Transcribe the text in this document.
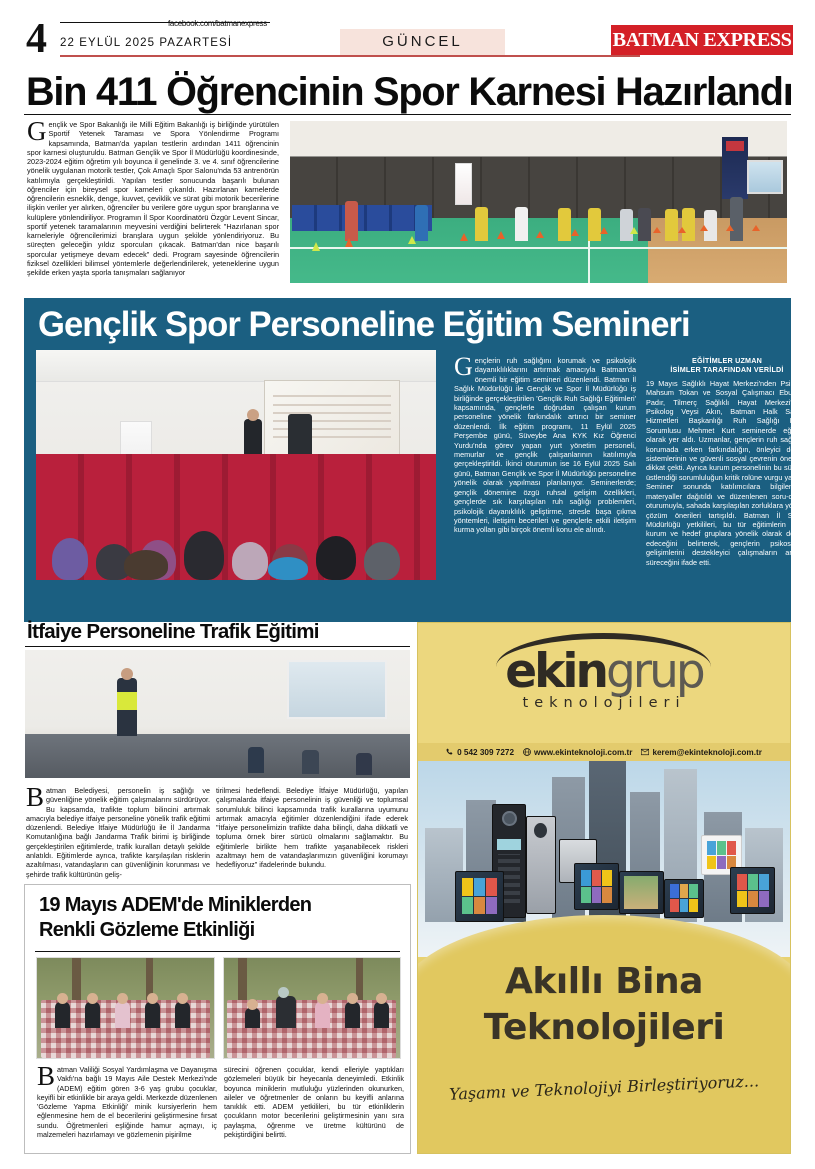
4	facebook.com/batmanexpress
22 EYLÜL 2025 PAZARTESİ	GÜNCEL	BATMAN EXPRESS
Bin 411 Öğrencinin Spor Karnesi Hazırlandı
Gençlik ve Spor Bakanlığı ile Milli Eğitim Bakanlığı iş birliğinde yürütülen Sportif Yetenek Taraması ve Spora Yönlendirme Programı kapsamında, Batman'da yapılan testlerin ardından 1411 öğrencinin spor karnesi oluşturuldu. Batman Gençlik ve Spor İl Müdürlüğü koordinesinde, 2023-2024 eğitim öğretim yılı boyunca il genelinde 3. ve 4. sınıf öğrencilerine yönelik uygulanan motorik testler, Çok Amaçlı Spor Salonu'nda 53 antrenörün katılımıyla gerçekleştirildi. Yapılan testler sonucunda başarılı bulunan öğrenciler için bireysel spor karneleri çıkarıldı. Hazırlanan karnelerde öğrencilerin esneklik, denge, kuvvet, çeviklik ve sürat gibi motorik becerilerine ilişkin veriler yer alırken, öğrenciler bu verilere göre uygun spor branşlarına ve kulüplere yönlendiriliyor. Programın İl Spor Koordinatörü Özgür Levent Sincar, sportif yetenek taramalarının meyvesini verdiğini belirterek "Hazırlanan spor karneleriyle öğrencilerimizi branşlara uygun şekilde yönlendiriyoruz. Bu süreçten geleceğin yıldız sporcuları çıkacak. Batman'dan nice başarılı sporcular yetişmeye devam edecek" dedi. Program sayesinde öğrencilerin fiziksel özellikleri bilimsel yöntemlerle değerlendirilerek, yeteneklerine uygun şekilde erken yaşta sporla tanışmaları sağlanıyor
Gençlik Spor Personeline Eğitim Semineri
Gençlerin ruh sağlığını korumak ve psikolojik dayanıklılıklarını artırmak amacıyla Batman'da önemli bir eğitim semineri düzenlendi. Batman İl Sağlık Müdürlüğü ile Gençlik ve Spor İl Müdürlüğü iş birliğinde gerçekleştirilen 'Gençlik Ruh Sağlığı Eğitimleri' kapsamında, gençlerle doğrudan çalışan kurum personeline yönelik farkındalık artırıcı bir seminer düzenlendi. İlk eğitim programı, 11 Eylül 2025 Perşembe günü, Süveybe Ana KYK Kız Öğrenci Yurdu'nda görev yapan yurt yönetim personeli, memurlar ve gençlik çalışanlarının katılımıyla gerçekleştirildi. İkinci oturumun ise 16 Eylül 2025 Salı günü, Batman Gençlik ve Spor İl Müdürlüğü personeline yönelik olarak yapılması planlanıyor. Seminerlerde; gençlik dönemine özgü ruhsal gelişim özellikleri, gençlerde sık karşılaşılan ruh sağlığı problemleri, psikolojik dayanıklılık geliştirme, stresle başa çıkma yöntemleri, iletişim becerileri ve gençlerle etkili iletişim kurma yolları gibi birçok önemli konu ele alındı.
EĞİTİMLER UZMAN
İSİMLER TARAFINDAN VERİLDİ
19 Mayıs Sağlıklı Hayat Merkezi'nden Psikolog Mahsum Tokan ve Sosyal Çalışmacı Ebubekir Padır, Tilmerç Sağlıklı Hayat Merkezi'nden Psikolog Veysi Akın, Batman Halk Sağlığı Hizmetleri Başkanlığı Ruh Sağlığı Birimi Sorumlusu Mehmet Kurt seminerde eğitimci olarak yer aldı. Uzmanlar, gençlerin ruh sağlığını korumada erken farkındalığın, önleyici destek sistemlerinin ve güvenli sosyal çevrenin önemine dikkat çekti. Ayrıca kurum personelinin bu süreçte üstlendiği sorumluluğun kritik rolüne vurgu yapıldı. Seminer sonunda katılımcılara bilgilendirici materyaller dağıtıldı ve düzenlenen soru-cevap oturumuyla, sahada karşılaşılan zorluklara yönelik çözüm önerileri tartışıldı. Batman İl Sağlık Müdürlüğü yetkilileri, bu tür eğitimlerin farklı kurum ve hedef gruplara yönelik olarak devam edeceğini belirterek, gençlerin psikososyal gelişimlerini destekleyici çalışmaların artarak süreceğini ifade etti.
İtfaiye Personeline Trafik Eğitimi
Batman Belediyesi, personelin iş sağlığı ve güvenliğine yönelik eğitim çalışmalarını sürdürüyor. Bu kapsamda, trafikte toplum bilincini artırmak amacıyla belediye itfaiye personeline yönelik trafik eğitimi düzenlendi. Belediye İtfaiye Müdürlüğü ile İl Jandarma Komutanlığına bağlı Jandarma Trafik birimi iş birliğinde gerçekleştirilen eğitimlerde, trafik kuralları detaylı şekilde anlatıldı. Eğitimlerde ayrıca, trafikte karşılaşılan risklerin azaltılması, vatandaşların can güvenliğinin korunması ve şehirde trafik kültürünün geliş-
tirilmesi hedeflendi. Belediye İtfaiye Müdürlüğü, yapılan çalışmalarda itfaiye personelinin iş güvenliği ve toplumsal sorumluluk bilinci kapsamında trafik kurallarına uyumunu artırmak amacıyla eğitimler düzenlendiğini ifade ederek "İtfaiye personelimizin trafikte daha bilinçli, daha dikkatli ve topluma örnek birer sürücü olmalarını sağlamaktır. Bu eğitimlerle birlikte hem trafikte yaşanabilecek riskleri azaltmayı hem de vatandaşlarımızın güvenliğini korumayı hedefliyoruz" ifadelerinde bulundu.
19 Mayıs ADEM'de Miniklerden
Renkli Gözleme Etkinliği
Batman Valiliği Sosyal Yardımlaşma ve Dayanışma Vakfı'na bağlı 19 Mayıs Aile Destek Merkezi'nde (ADEM) eğitim gören 3-6 yaş grubu çocuklar, keyifli bir etkinlikle bir araya geldi. Merkezde düzenlenen 'Gözleme Yapma Etkinliği' minik kursiyerlerin hem eğlenmesine hem de el becerilerini geliştirmesine fırsat sundu. Öğretmenleri eşliğinde hamur açmayı, iç malzemeleri hazırlamayı ve gözlemenin pişirilme
sürecini öğrenen çocuklar, kendi elleriyle yaptıkları gözlemeleri büyük bir heyecanla deneyimledi. Etkinlik boyunca miniklerin mutluluğu yüzlerinden okunurken, aileler ve öğretmenler de onların bu keyifli anlarına tanıklık etti. ADEM yetkilileri, bu tür etkinliklerin çocukların motor becerilerini geliştirmesinin yanı sıra paylaşma, öğrenme ve üretme kültürünü de pekiştirdiğini belirtti.
ekingrup
teknolojileri
0 542 309 7272 www.ekinteknoloji.com.tr kerem@ekinteknoloji.com.tr
Akıllı Bina
Teknolojileri
Yaşamı ve Teknolojiyi Birleştiriyoruz...
